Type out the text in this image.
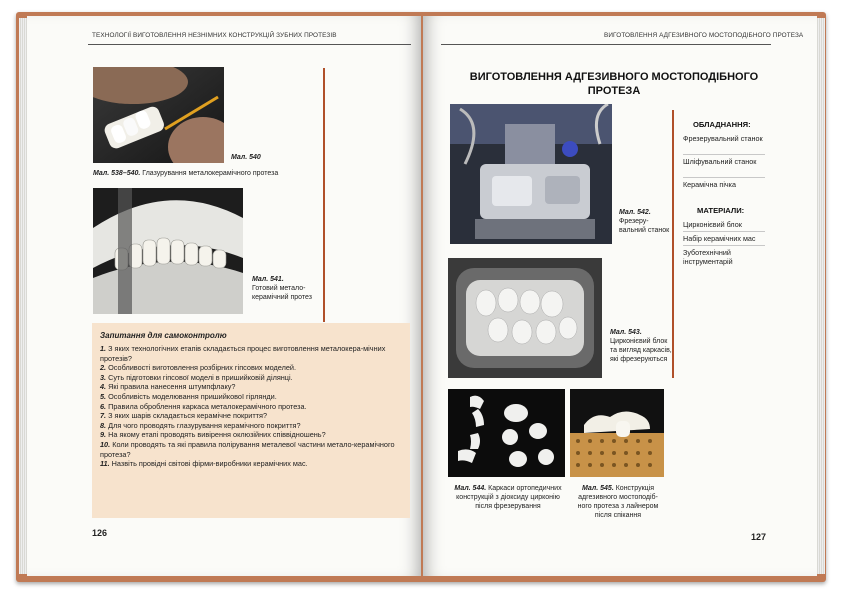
ТЕХНОЛОГІЇ ВИГОТОВЛЕННЯ НЕЗНІМНИХ КОНСТРУКЦІЙ ЗУБНИХ ПРОТЕЗІВ
Мал. 540
Мал. 538–540. Глазурування металокерамічного протеза
Мал. 541.
Готовий метало-керамічний протез
Запитання для самоконтролю
1. З яких технологічних етапів складається процес виготовлення металокера-мічних протезів?
2. Особливості виготовлення розбірних гіпсових моделей.
3. Суть підготовки гіпсової моделі в пришийковій ділянці.
4. Які правила нанесення штумпфлаку?
5. Особливість моделювання пришийкової гірлянди.
6. Правила оброблення каркаса металокерамічного протеза.
7. З яких шарів складається керамічне покриття?
8. Для чого проводять глазурування керамічного покриття?
9. На якому етапі проводять вивірення оклюзійних співвідношень?
10. Коли проводять та які правила полірування металевої частини метало-керамічного протеза?
11. Назвіть провідні світові фірми-виробники керамічних мас.
126
ВИГОТОВЛЕННЯ АДГЕЗИВНОГО МОСТОПОДІБНОГО ПРОТЕЗА
ВИГОТОВЛЕННЯ АДГЕЗИВНОГО МОСТОПОДІБНОГО ПРОТЕЗА
ОБЛАДНАННЯ:
Фрезерувальний станок
Шліфувальний станок
Керамічна пічка
МАТЕРІАЛИ:
Цирконієвий блок
Набір керамічних мас
Зуботехнічний інструментарій
Мал. 542.
Фрезеру-вальний станок
Мал. 543.
Цирконієвий блок та вигляд каркасів, які фрезеруються
Мал. 544. Каркаси ортопедичних конструкцій з діоксиду цирконію після фрезерування
Мал. 545. Конструкція адгезивного мостоподіб-ного протеза з лайнером після спікання
127
